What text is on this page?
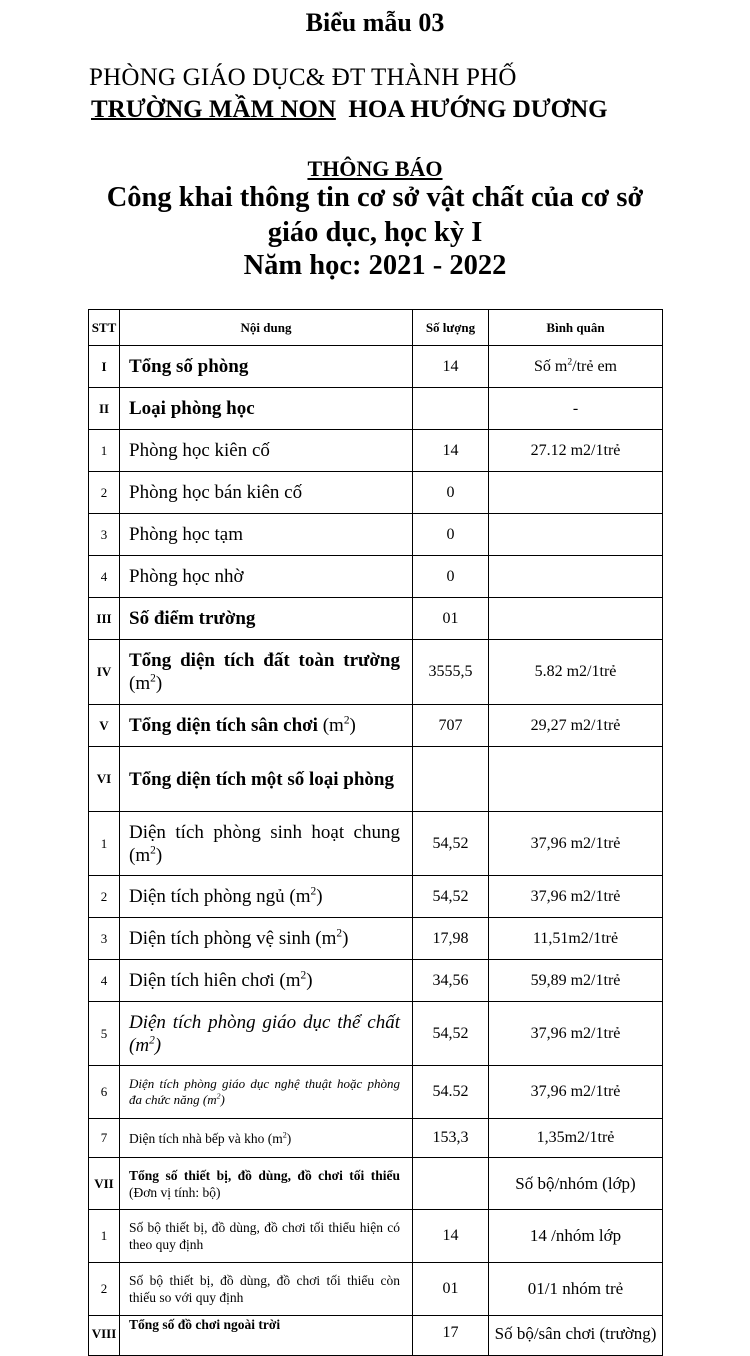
Biểu mẫu 03
PHÒNG GIÁO DỤC& ĐT THÀNH PHỐ
TRƯỜNG MẦM NON  HOA HƯỚNG DƯƠNG
THÔNG BÁO
Công khai thông tin cơ sở vật chất của cơ sở giáo dục, học kỳ I
Năm học: 2021 - 2022
STT	Nội dung	Số lượng	Bình quân
I	Tổng số phòng	14	Số $m^2$/trẻ em
II	Loại phòng học		-
1	Phòng học kiên cố	14	27.12 m2/1trẻ
2	Phòng học bán kiên cố	0	
3	Phòng học tạm	0	
4	Phòng học nhờ	0	
III	Số điểm trường	01	
IV	Tổng diện tích đất toàn trường $(m^2)$	3555,5	5.82 m2/1trẻ
V	Tổng diện tích sân chơi $(m^2)$	707	29,27 m2/1trẻ
VI	Tổng diện tích một số loại phòng		
1	Diện tích phòng sinh hoạt chung $(m^2)$	54,52	37,96 m2/1trẻ
2	Diện tích phòng ngủ $(m^2)$	54,52	37,96 m2/1trẻ
3	Diện tích phòng vệ $\sinh (m^2)$	17,98	11,51m2/1trẻ
4	Diện tích hiên chơi $(m^2)$	34,56	59,89 m2/1trẻ
5	Diện tích phòng giáo dục thể chất $(m^2)$	54,52	37,96 m2/1trẻ
6	Diện tích phòng giáo dục nghệ thuật hoặc phòng đa chức năng $(m^2)$	54.52	37,96 m2/1trẻ
7	Diện tích nhà bếp và kho $(m^2)$	153,3	1,35m2/1trẻ
VII	Tổng số thiết bị, đồ dùng, đồ chơi tối thiểu (Đơn vị tính: bộ)		Số bộ/nhóm (lớp)
1	Số bộ thiết bị, đồ dùng, đồ chơi tối thiểu hiện có theo quy định	14	14 /nhóm lớp
2	Số bộ thiết bị, đồ dùng, đồ chơi tối thiểu còn thiếu so với quy định	01	01/1 nhóm trẻ
VIII	Tổng số đồ chơi ngoài trời	17	Số bộ/sân chơi (trường)
